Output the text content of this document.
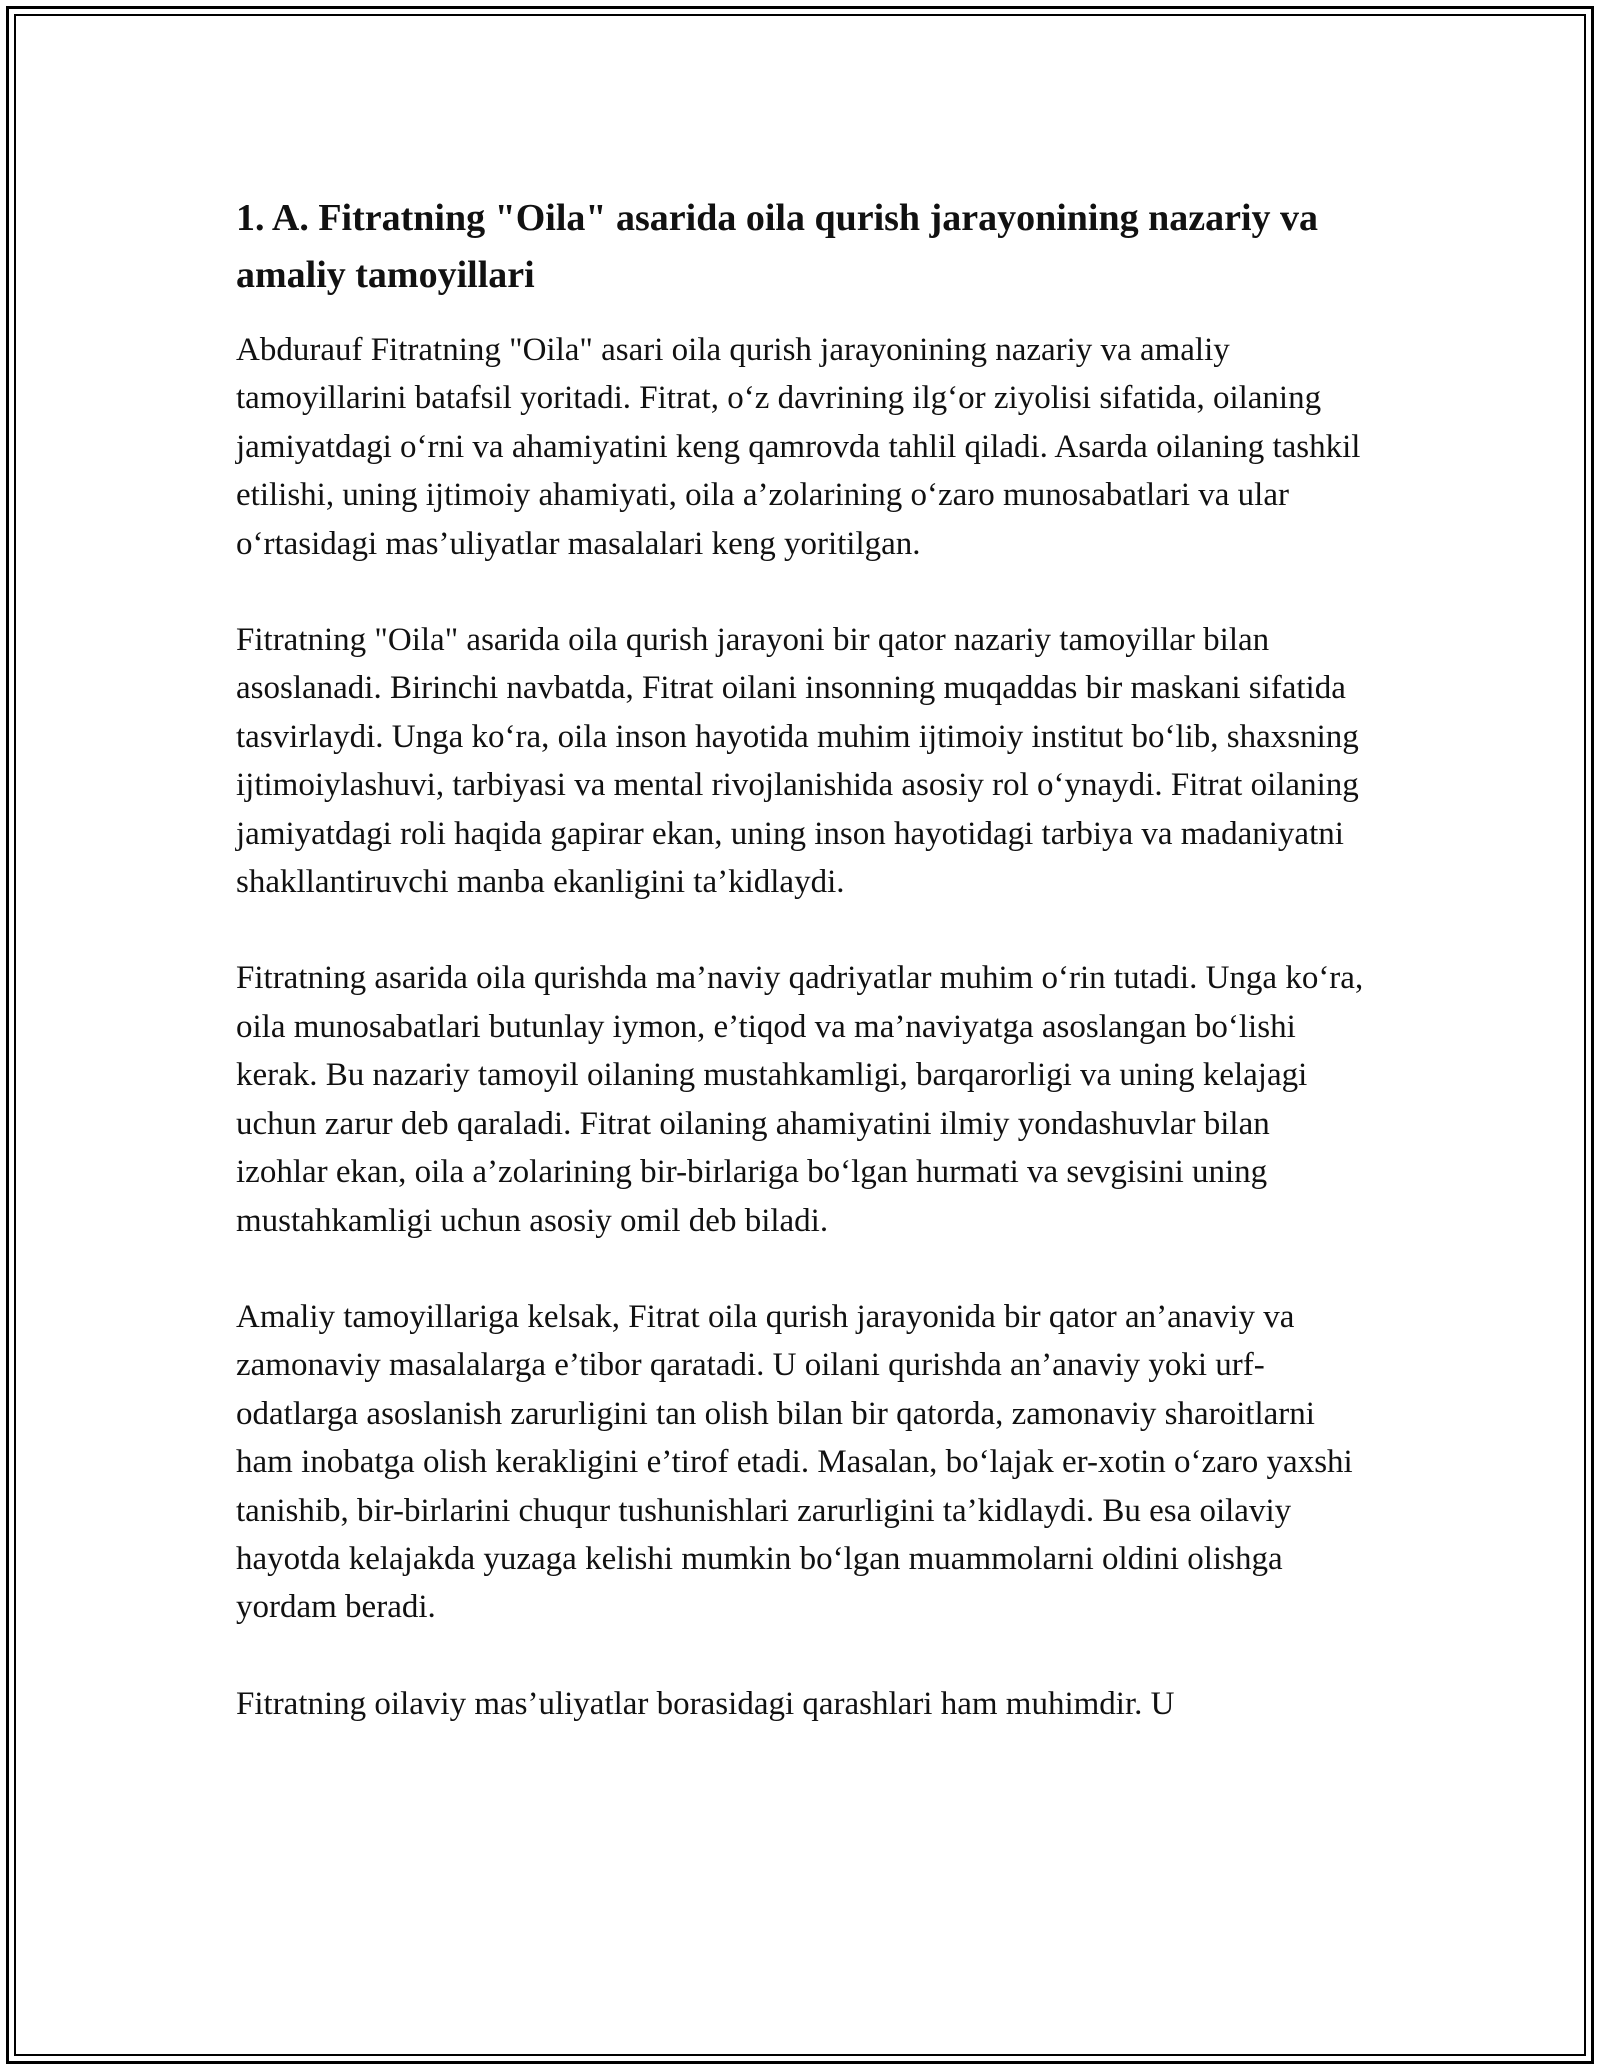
1. A. Fitratning "Oila" asarida oila qurish jarayonining nazariy va amaliy tamoyillari

Abdurauf Fitratning "Oila" asari oila qurish jarayonining nazariy va amaliy tamoyillarini batafsil yoritadi. Fitrat, o‘z davrining ilg‘or ziyolisi sifatida, oilaning jamiyatdagi o‘rni va ahamiyatini keng qamrovda tahlil qiladi. Asarda oilaning tashkil etilishi, uning ijtimoiy ahamiyati, oila a’zolarining o‘zaro munosabatlari va ular o‘rtasidagi mas’uliyatlar masalalari keng yoritilgan.

Fitratning "Oila" asarida oila qurish jarayoni bir qator nazariy tamoyillar bilan asoslanadi. Birinchi navbatda, Fitrat oilani insonning muqaddas bir maskani sifatida tasvirlaydi. Unga ko‘ra, oila inson hayotida muhim ijtimoiy institut bo‘lib, shaxsning ijtimoiylashuvi, tarbiyasi va mental rivojlanishida asosiy rol o‘ynaydi. Fitrat oilaning jamiyatdagi roli haqida gapirar ekan, uning inson hayotidagi tarbiya va madaniyatni shakllantiruvchi manba ekanligini ta’kidlaydi.

Fitratning asarida oila qurishda ma’naviy qadriyatlar muhim o‘rin tutadi. Unga ko‘ra, oila munosabatlari butunlay iymon, e’tiqod va ma’naviyatga asoslangan bo‘lishi kerak. Bu nazariy tamoyil oilaning mustahkamligi, barqarorligi va uning kelajagi uchun zarur deb qaraladi. Fitrat oilaning ahamiyatini ilmiy yondashuvlar bilan izohlar ekan, oila a’zolarining bir-birlariga bo‘lgan hurmati va sevgisini uning mustahkamligi uchun asosiy omil deb biladi.

Amaliy tamoyillariga kelsak, Fitrat oila qurish jarayonida bir qator an’anaviy va zamonaviy masalalarga e’tibor qaratadi. U oilani qurishda an’anaviy yoki urf-odatlarga asoslanish zarurligini tan olish bilan bir qatorda, zamonaviy sharoitlarni ham inobatga olish kerakligini e’tirof etadi. Masalan, bo‘lajak er-xotin o‘zaro yaxshi tanishib, bir-birlarini chuqur tushunishlari zarurligini ta’kidlaydi. Bu esa oilaviy hayotda kelajakda yuzaga kelishi mumkin bo‘lgan muammolarni oldini olishga yordam beradi.

Fitratning oilaviy mas’uliyatlar borasidagi qarashlari ham muhimdir. U
